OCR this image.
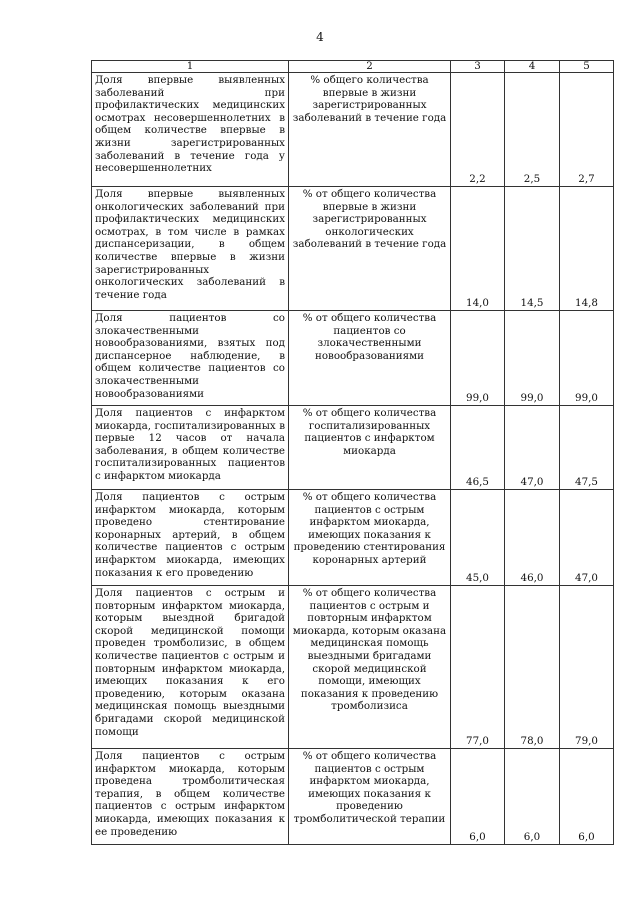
4
1	2	3	4	5
Доля впервые выявленных заболеваний при профилактических медицинских осмотрах несовершеннолетних в общем количестве впервые в жизни зарегистрированных заболеваний в течение года у несовершеннолетних	% общего количества впервые в жизни зарегистрированных заболеваний в течение года	2,2	2,5	2,7
Доля впервые выявленных онкологических заболеваний при профилактических медицинских осмотрах, в том числе в рамках диспансеризации, в общем количестве впервые в жизни зарегистрированных онкологических заболеваний в течение года	% от общего количества впервые в жизни зарегистрированных онкологических заболеваний в течение года	14,0	14,5	14,8
Доля пациентов со злокачественными новообразованиями, взятых под диспансерное наблюдение, в общем количестве пациентов со злокачественными новообразованиями	% от общего количества пациентов со злокачественными новообразованиями	99,0	99,0	99,0
Доля пациентов с инфарктом миокарда, госпитализированных в первые 12 часов от начала заболевания, в общем количестве госпитализированных пациентов с инфарктом миокарда	% от общего количества госпитализированных пациентов с инфарктом миокарда	46,5	47,0	47,5
Доля пациентов с острым инфарктом миокарда, которым проведено стентирование коронарных артерий, в общем количестве пациентов с острым инфарктом миокарда, имеющих показания к его проведению	% от общего количества пациентов с острым инфарктом миокарда, имеющих показания к проведению стентирования коронарных артерий	45,0	46,0	47,0
Доля пациентов с острым и повторным инфарктом миокарда, которым выездной бригадой скорой медицинской помощи проведен тромболизис, в общем количестве пациентов с острым и повторным инфарктом миокарда, имеющих показания к его проведению, которым оказана медицинская помощь выездными бригадами скорой медицинской помощи	% от общего количества пациентов с острым и повторным инфарктом миокарда, которым оказана медицинская помощь выездными бригадами скорой медицинской помощи, имеющих показания к проведению тромболизиса	77,0	78,0	79,0
Доля пациентов с острым инфарктом миокарда, которым проведена тромболитическая терапия, в общем количестве пациентов с острым инфарктом миокарда, имеющих показания к ее проведению	% от общего количества пациентов с острым инфарктом миокарда, имеющих показания к проведению тромболитической терапии	6,0	6,0	6,0
